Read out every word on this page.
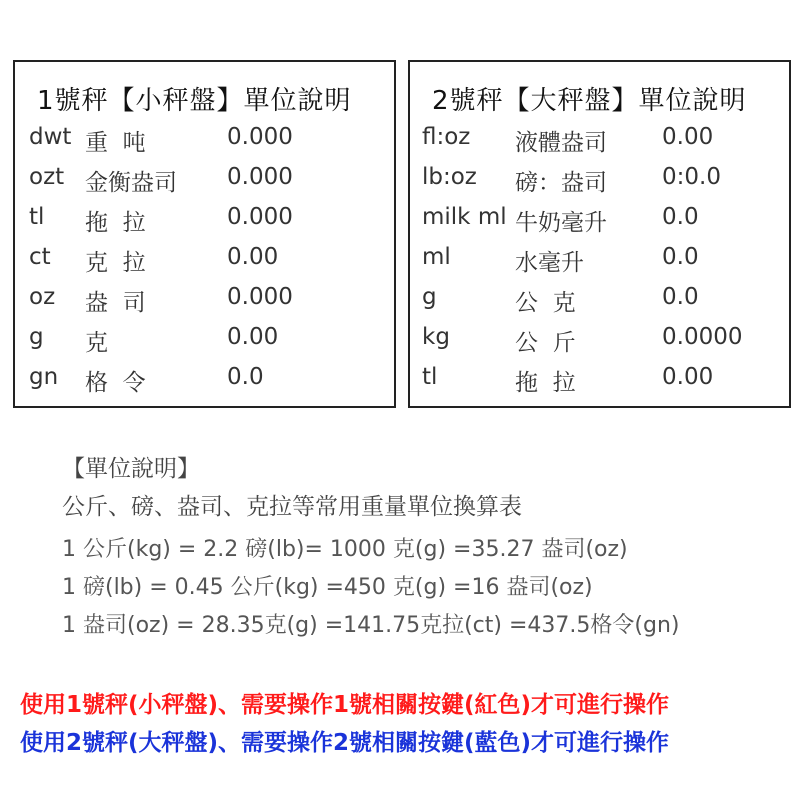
1號秤【小秤盤】單位說明
dwt 重  吨	0.000
ozt 金衡盎司 0.000
tl 拖  拉	0.000
ct 克  拉	0.00
oz 盎  司	0.000
g 克	0.00
gn 格  令	0.0
2號秤【大秤盤】單位說明
fl:oz 液體盎司 0.00
lb:oz 磅：盎司 0:0.0
milk ml 牛奶毫升 0.0
ml	水毫升	0.0
g	公  克	0.0
kg	公  斤	0.0000
tl	拖  拉	0.00
【單位說明】
公斤、磅、盎司、克拉等常用重量單位換算表
1 公斤(kg) = 2.2 磅(lb)= 1000 克(g) =35.27 盎司(oz)
1 磅(lb) = 0.45 公斤(kg) =450 克(g) =16 盎司(oz)
1 盎司(oz) = 28.35克(g) =141.75克拉(ct) =437.5格令(gn)
使用1號秤(小秤盤)、需要操作1號相關按鍵(紅色)才可進行操作
使用2號秤(大秤盤)、需要操作2號相關按鍵(藍色)才可進行操作
